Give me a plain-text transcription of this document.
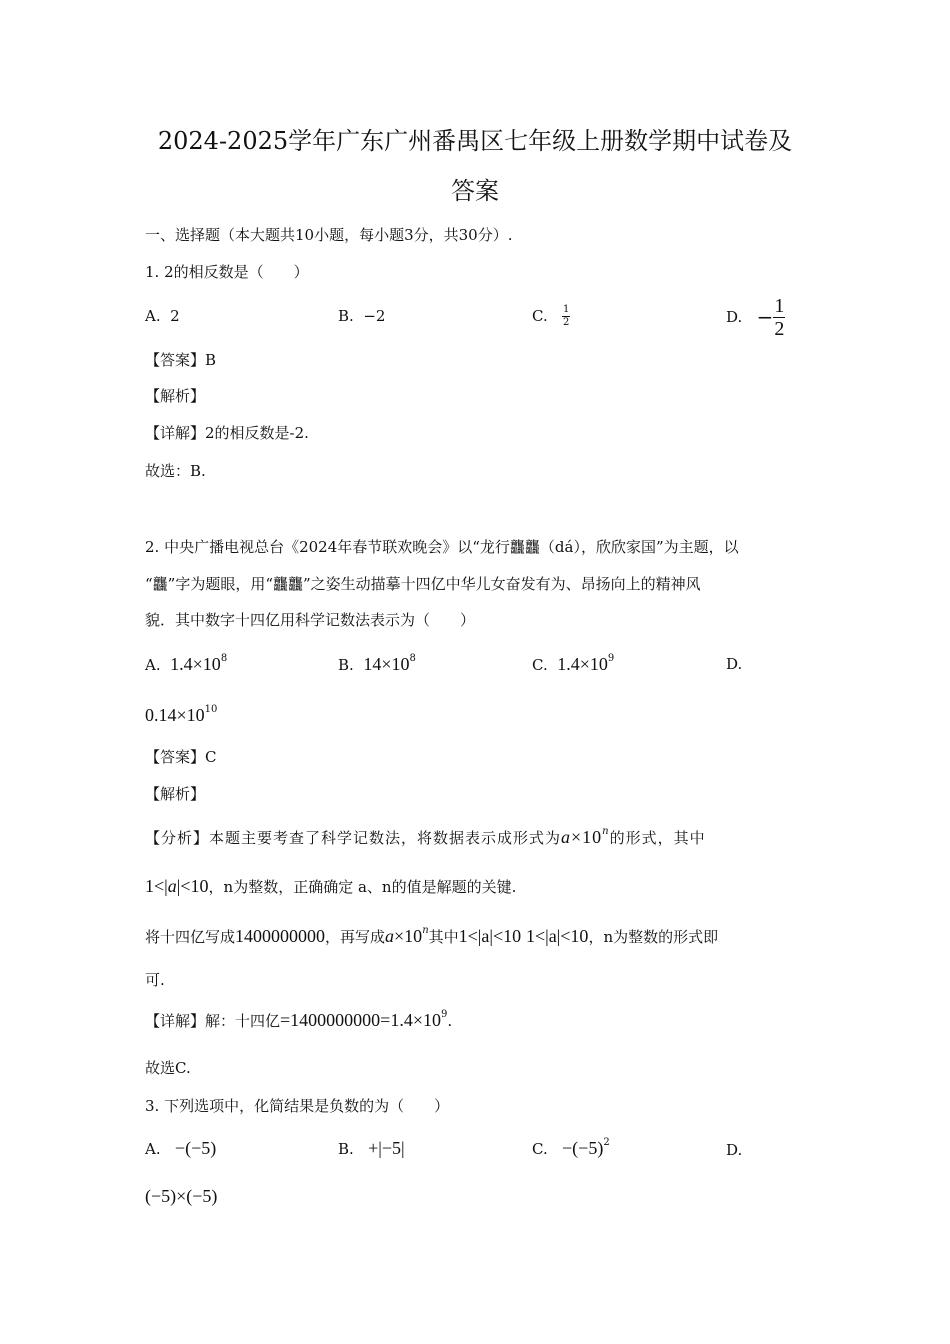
2024-2025学年广东广州番禺区七年级上册数学期中试卷及
答案
一、选择题（本大题共10小题，每小题3分，共30分）.
1. 2的相反数是（　　）
A. 2	B. −2	C.
$\frac{1}{2}$	D.
− $\frac{1}{2}$
【答案】B
【解析】
【详解】2的相反数是-2.
故选：B.
2. 中央广播电视总台《2024年春节联欢晚会》以“龙行龘龘（dá），欣欣家国”为主题，以
“龘”字为题眼，用“龘龘”之姿生动描摹十四亿中华儿女奋发有为、昂扬向上的精神风
貌．其中数字十四亿用科学记数法表示为（　　）
A. $1.4\times 10^8$	B. $14\times 10^8$	C. $1.4\times 10^9$	D.
$0.14\times 10^{10}$
【答案】C
【解析】
【分析】本题主要考查了科学记数法，将数据表示成形式为$a\times 10^n$的形式，其中
1<|a|<10，n为整数，正确确定 a、n的值是解题的关键.
将十四亿写成1400000000，再写成$a\times 10^n$其中1<|a|<10 1<|a|<10，n为整数的形式即
可.
【详解】解：十四亿$=1400000000=1.4\times 10^9$.
故选C.
3. 下列选项中，化简结果是负数的为（　　）
A. −(−5)	B. +|−5|	C. $-(-5)^2$	D.
(−5)×(−5)
